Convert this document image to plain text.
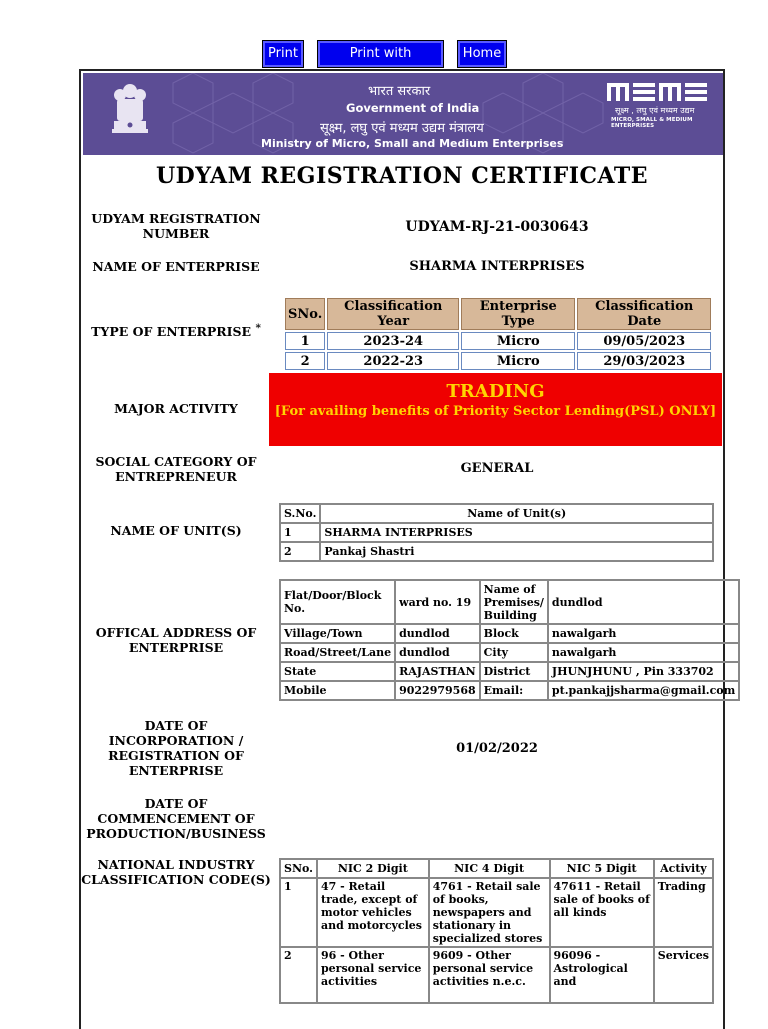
Print	Print with	Home
भारत सरकार
Government of India
सूक्ष्म, लघु एवं मध्यम उद्यम मंत्रालय
Ministry of Micro, Small and Medium Enterprises
सूक्ष्म , लघु एवं मध्यम उद्यम
MICRO, SMALL & MEDIUM ENTERPRISES
UDYAM REGISTRATION CERTIFICATE
UDYAM REGISTRATION NUMBER	UDYAM-RJ-21-0030643
NAME OF ENTERPRISE	SHARMA INTERPRISES
TYPE OF ENTERPRISE *
SNo.	Classification Year	Enterprise Type	Classification Date
1	2023-24	Micro	09/05/2023
2	2022-23	Micro	29/03/2023
MAJOR ACTIVITY
TRADING
[For availing benefits of Priority Sector Lending(PSL) ONLY]
SOCIAL CATEGORY OF ENTREPRENEUR
GENERAL
NAME OF UNIT(S)
S.No.	Name of Unit(s)
1	SHARMA INTERPRISES
2	Pankaj Shastri
OFFICAL ADDRESS OF ENTERPRISE
Flat/Door/Block No.	ward no. 19	Name of Premises/ Building	dundlod
Village/Town	dundlod	Block	nawalgarh
Road/Street/Lane	dundlod	City	nawalgarh
State	RAJASTHAN	District	JHUNJHUNU , Pin 333702
Mobile	9022979568	Email:	pt.pankajjsharma@gmail.com
DATE OF INCORPORATION / REGISTRATION OF ENTERPRISE
01/02/2022
DATE OF COMMENCEMENT OF PRODUCTION/BUSINESS
NATIONAL INDUSTRY CLASSIFICATION CODE(S)
SNo.	NIC 2 Digit	NIC 4 Digit	NIC 5 Digit	Activity
1	47 - Retail trade, except of motor vehicles and motorcycles	4761 - Retail sale of books, newspapers and stationary in specialized stores	47611 - Retail sale of books of all kinds	Trading
2	96 - Other personal service activities	9609 - Other personal service activities n.e.c.	96096 - Astrological and	Services
